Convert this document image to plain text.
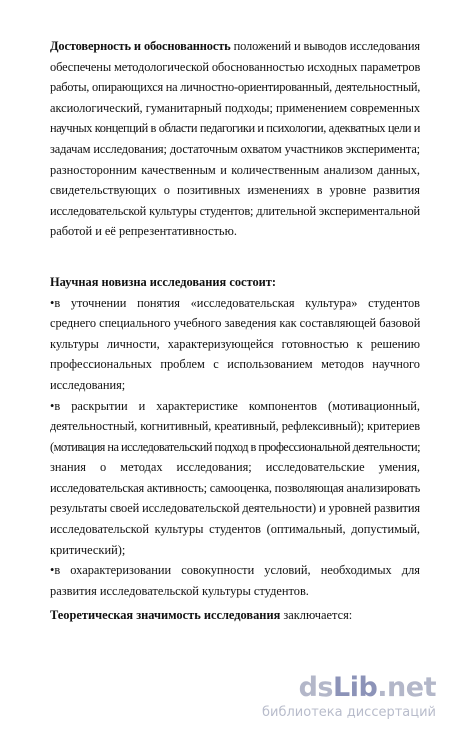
Достоверность и обоснованность положений и выводов исследования
обеспечены методологической обоснованностью исходных параметров
работы, опирающихся на личностно-ориентированный, деятельностный,
аксиологический, гуманитарный подходы; применением современных
научных концепций в области педагогики и психологии, адекватных цели и
задачам исследования; достаточным охватом участников эксперимента;
разносторонним качественным и количественным анализом данных,
свидетельствующих о позитивных изменениях в уровне развития
исследовательской культуры студентов; длительной экспериментальной
работой и её репрезентативностью.
Научная новизна исследования состоит:
•в уточнении понятия «исследовательская культура» студентов
среднего специального учебного заведения как составляющей базовой
культуры личности, характеризующейся готовностью к решению
профессиональных проблем с использованием методов научного
исследования;
•в раскрытии и характеристике компонентов (мотивационный,
деятельностный, когнитивный, креативный, рефлексивный); критериев
(мотивация на исследовательский подход в профессиональной деятельности;
знания о методах исследования; исследовательские умения,
исследовательская активность; самооценка, позволяющая анализировать
результаты своей исследовательской деятельности) и уровней развития
исследовательской культуры студентов (оптимальный, допустимый,
критический);
•в охарактеризовании совокупности условий, необходимых для
развития исследовательской культуры студентов.
Теоретическая значимость исследования заключается:
dsLib.net
библиотека диссертаций
